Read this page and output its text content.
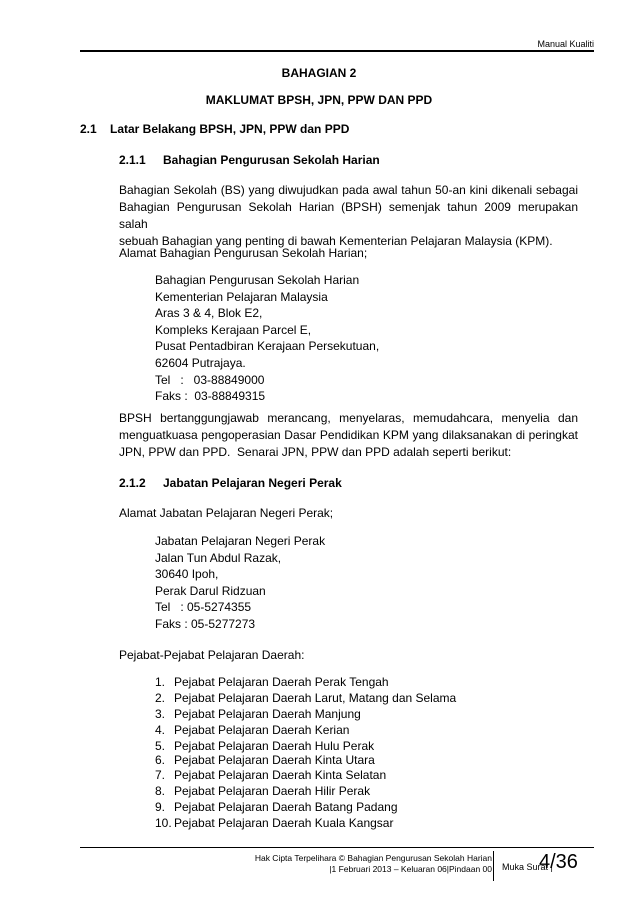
Manual Kualiti
BAHAGIAN 2
MAKLUMAT BPSH, JPN, PPW DAN PPD
2.1 Latar Belakang BPSH, JPN, PPW dan PPD
2.1.1 Bahagian Pengurusan Sekolah Harian
Bahagian Sekolah (BS) yang diwujudkan pada awal tahun 50-an kini dikenali sebagai
Bahagian Pengurusan Sekolah Harian (BPSH) semenjak tahun 2009 merupakan salah
sebuah Bahagian yang penting di bawah Kementerian Pelajaran Malaysia (KPM).
Alamat Bahagian Pengurusan Sekolah Harian;
Bahagian Pengurusan Sekolah Harian
Kementerian Pelajaran Malaysia
Aras 3 & 4, Blok E2,
Kompleks Kerajaan Parcel E,
Pusat Pentadbiran Kerajaan Persekutuan,
62604 Putrajaya.
Tel   :   03-88849000
Faks :  03-88849315
BPSH bertanggungjawab merancang, menyelaras, memudahcara, menyelia dan
menguatkuasa pengoperasian Dasar Pendidikan KPM yang dilaksanakan di peringkat
JPN, PPW dan PPD.  Senarai JPN, PPW dan PPD adalah seperti berikut:
2.1.2 Jabatan Pelajaran Negeri Perak
Alamat Jabatan Pelajaran Negeri Perak;
Jabatan Pelajaran Negeri Perak
Jalan Tun Abdul Razak,
30640 Ipoh,
Perak Darul Ridzuan
Tel   : 05-5274355
Faks : 05-5277273
Pejabat-Pejabat Pelajaran Daerah:
1. Pejabat Pelajaran Daerah Perak Tengah
2. Pejabat Pelajaran Daerah Larut, Matang dan Selama
3. Pejabat Pelajaran Daerah Manjung
4. Pejabat Pelajaran Daerah Kerian
5. Pejabat Pelajaran Daerah Hulu Perak
6. Pejabat Pelajaran Daerah Kinta Utara
7. Pejabat Pelajaran Daerah Kinta Selatan
8. Pejabat Pelajaran Daerah Hilir Perak
9. Pejabat Pelajaran Daerah Batang Padang
10. Pejabat Pelajaran Daerah Kuala Kangsar
Hak Cipta Terpelihara © Bahagian Pengurusan Sekolah Harian
|1 Februari 2013 – Keluaran 06|Pindaan 00 Muka Surat |
4/36
